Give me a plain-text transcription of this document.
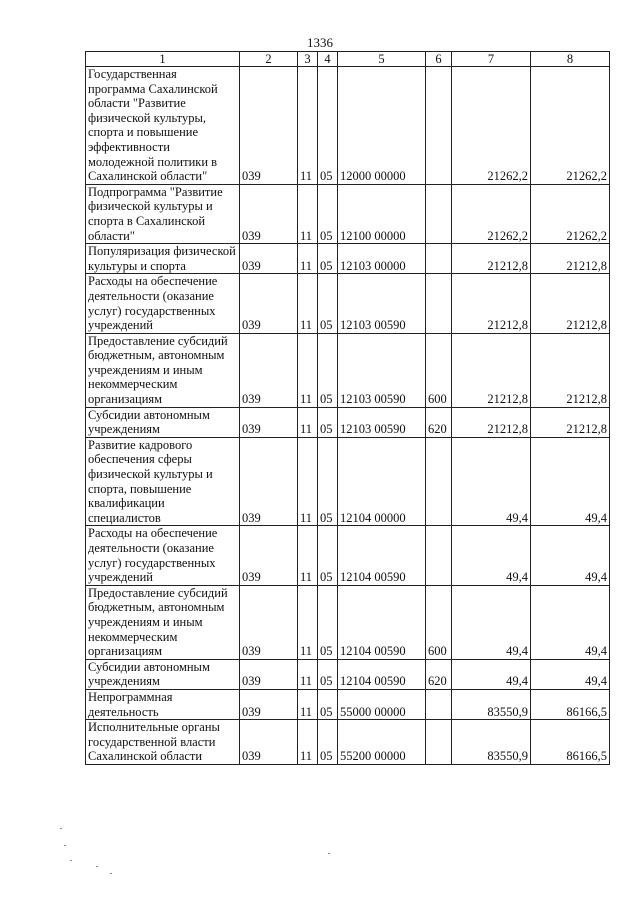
1336
1	2	3	4	5	6	7	8
Государственная программа Сахалинской области "Развитие физической культуры, спорта и повышение эффективности молодежной политики в Сахалинской области"	039	11	05	12000 00000		21262,2	21262,2
Подпрограмма "Развитие физической культуры и спорта в Сахалинской области"	039	11	05	12100 00000		21262,2	21262,2
Популяризация физической культуры и спорта	039	11	05	12103 00000		21212,8	21212,8
Расходы на обеспечение деятельности (оказание услуг) государственных учреждений	039	11	05	12103 00590		21212,8	21212,8
Предоставление субсидий бюджетным, автономным учреждениям и иным некоммерческим организациям	039	11	05	12103 00590	600	21212,8	21212,8
Субсидии автономным учреждениям	039	11	05	12103 00590	620	21212,8	21212,8
Развитие кадрового обеспечения сферы физической культуры и спорта, повышение квалификации специалистов	039	11	05	12104 00000		49,4	49,4
Расходы на обеспечение деятельности (оказание услуг) государственных учреждений	039	11	05	12104 00590		49,4	49,4
Предоставление субсидий бюджетным, автономным учреждениям и иным некоммерческим организациям	039	11	05	12104 00590	600	49,4	49,4
Субсидии автономным учреждениям	039	11	05	12104 00590	620	49,4	49,4
Непрограммная деятельность	039	11	05	55000 00000		83550,9	86166,5
Исполнительные органы государственной власти Сахалинской области	039	11	05	55200 00000		83550,9	86166,5
